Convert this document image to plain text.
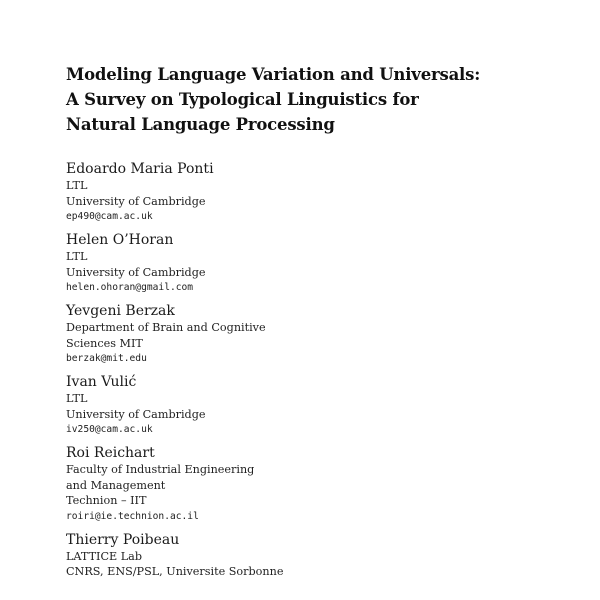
Modeling Language Variation and Universals:
A Survey on Typological Linguistics for
Natural Language Processing
Edoardo Maria Ponti
LTL
University of Cambridge
ep490@cam.ac.uk
Helen O’Horan
LTL
University of Cambridge
helen.ohoran@gmail.com
Yevgeni Berzak
Department of Brain and Cognitive
Sciences MIT
berzak@mit.edu
Ivan Vulić
LTL
University of Cambridge
iv250@cam.ac.uk
Roi Reichart
Faculty of Industrial Engineering
and Management
Technion – IIT
roiri@ie.technion.ac.il
Thierry Poibeau
LATTICE Lab
CNRS, ENS/PSL, Universite Sorbonne
